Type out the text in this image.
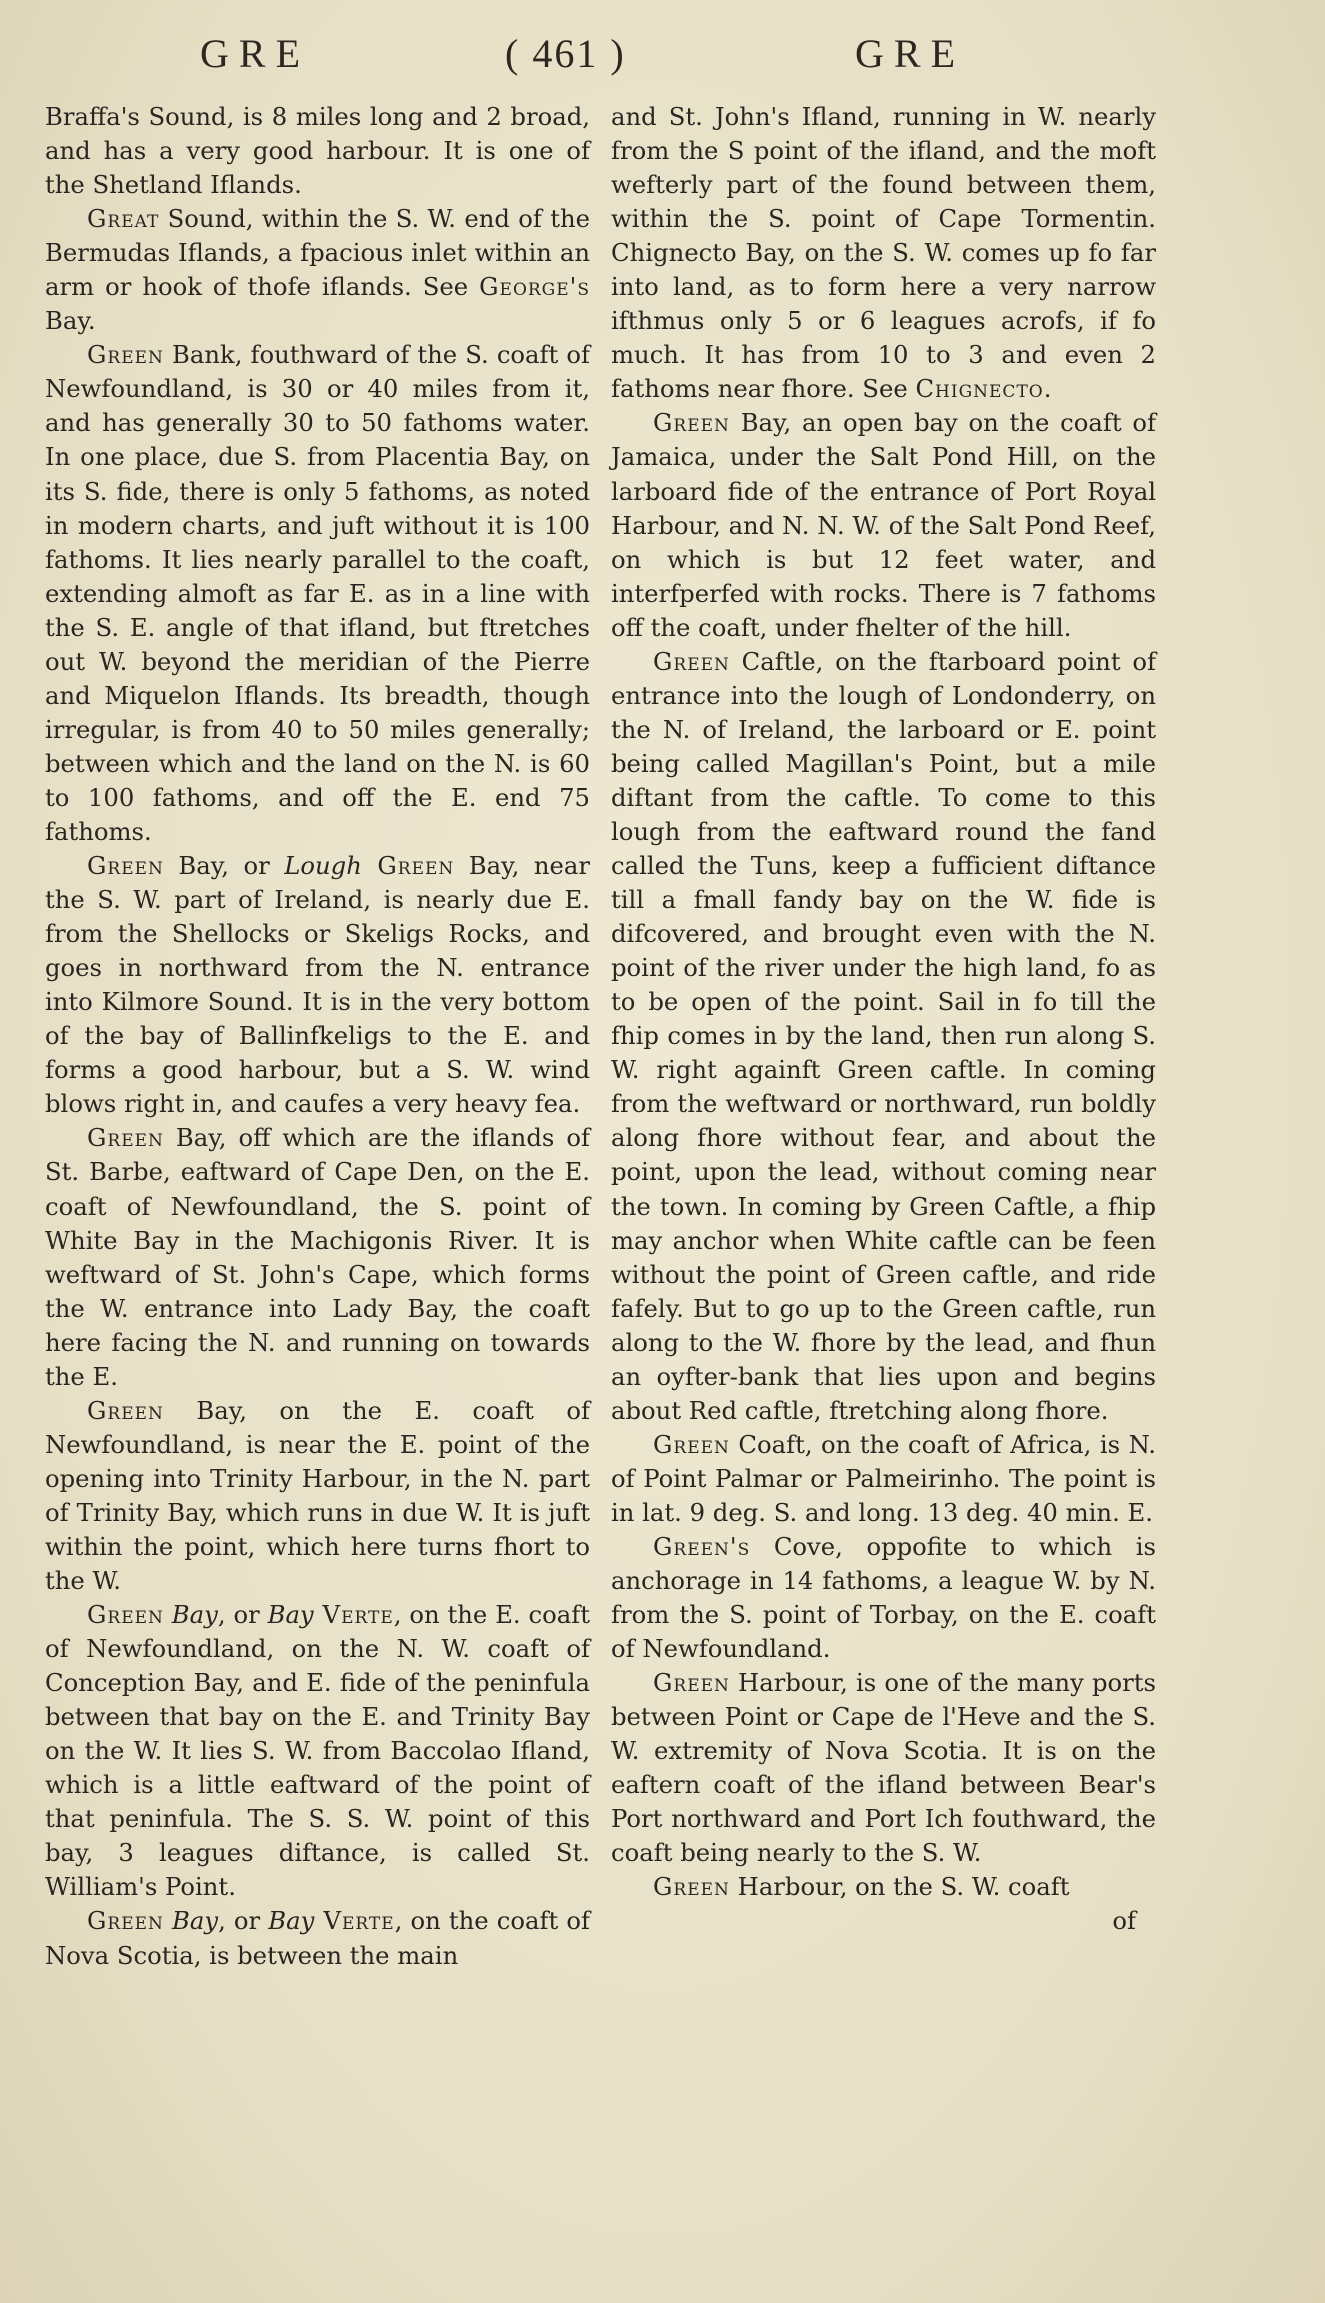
GRE	( 461 )	GRE

Braffa's Sound, is 8 miles long and 2 broad, and has a very good harbour. It is one of the Shetland Iflands.

Great Sound, within the S. W. end of the Bermudas Iflands, a fpacious inlet within an arm or hook of thofe iflands. See George's Bay.

Green Bank, fouthward of the S. coaft of Newfoundland, is 30 or 40 miles from it, and has generally 30 to 50 fathoms water. In one place, due S. from Placentia Bay, on its S. fide, there is only 5 fathoms, as noted in modern charts, and juft without it is 100 fathoms. It lies nearly parallel to the coaft, extending almoft as far E. as in a line with the S. E. angle of that ifland, but ftretches out W. beyond the meridian of the Pierre and Miquelon Iflands. Its breadth, though irregular, is from 40 to 50 miles generally; between which and the land on the N. is 60 to 100 fathoms, and off the E. end 75 fathoms.

Green Bay, or Lough Green Bay, near the S. W. part of Ireland, is nearly due E. from the Shellocks or Skeligs Rocks, and goes in northward from the N. entrance into Kilmore Sound. It is in the very bottom of the bay of Ballinfkeligs to the E. and forms a good harbour, but a S. W. wind blows right in, and caufes a very heavy fea.

Green Bay, off which are the iflands of St. Barbe, eaftward of Cape Den, on the E. coaft of Newfoundland, the S. point of White Bay in the Machigonis River. It is weftward of St. John's Cape, which forms the W. entrance into Lady Bay, the coaft here facing the N. and running on towards the E.

Green Bay, on the E. coaft of Newfoundland, is near the E. point of the opening into Trinity Harbour, in the N. part of Trinity Bay, which runs in due W. It is juft within the point, which here turns fhort to the W.

Green Bay, or Bay Verte, on the E. coaft of Newfoundland, on the N. W. coaft of Conception Bay, and E. fide of the peninfula between that bay on the E. and Trinity Bay on the W. It lies S. W. from Baccolao Ifland, which is a little eaftward of the point of that peninfula. The S. S. W. point of this bay, 3 leagues diftance, is called St. William's Point.

Green Bay, or Bay Verte, on the coaft of Nova Scotia, is between the main

and St. John's Ifland, running in W. nearly from the S point of the ifland, and the moft wefterly part of the found between them, within the S. point of Cape Tormentin. Chignecto Bay, on the S. W. comes up fo far into land, as to form here a very narrow ifthmus only 5 or 6 leagues acrofs, if fo much. It has from 10 to 3 and even 2 fathoms near fhore. See Chignecto.

Green Bay, an open bay on the coaft of Jamaica, under the Salt Pond Hill, on the larboard fide of the entrance of Port Royal Harbour, and N. N. W. of the Salt Pond Reef, on which is but 12 feet water, and interfperfed with rocks. There is 7 fathoms off the coaft, under fhelter of the hill.

Green Caftle, on the ftarboard point of entrance into the lough of Londonderry, on the N. of Ireland, the larboard or E. point being called Magillan's Point, but a mile diftant from the caftle. To come to this lough from the eaftward round the fand called the Tuns, keep a fufficient diftance till a fmall fandy bay on the W. fide is difcovered, and brought even with the N. point of the river under the high land, fo as to be open of the point. Sail in fo till the fhip comes in by the land, then run along S. W. right againft Green caftle. In coming from the weftward or northward, run boldly along fhore without fear, and about the point, upon the lead, without coming near the town. In coming by Green Caftle, a fhip may anchor when White caftle can be feen without the point of Green caftle, and ride fafely. But to go up to the Green caftle, run along to the W. fhore by the lead, and fhun an oyfter-bank that lies upon and begins about Red caftle, ftretching along fhore.

Green Coaft, on the coaft of Africa, is N. of Point Palmar or Palmeirinho. The point is in lat. 9 deg. S. and long. 13 deg. 40 min. E.

Green's Cove, oppofite to which is anchorage in 14 fathoms, a league W. by N. from the S. point of Torbay, on the E. coaft of Newfoundland.

Green Harbour, is one of the many ports between Point or Cape de l'Heve and the S. W. extremity of Nova Scotia. It is on the eaftern coaft of the ifland between Bear's Port northward and Port Ich fouthward, the coaft being nearly to the S. W.

Green Harbour, on the S. W. coaft

of
